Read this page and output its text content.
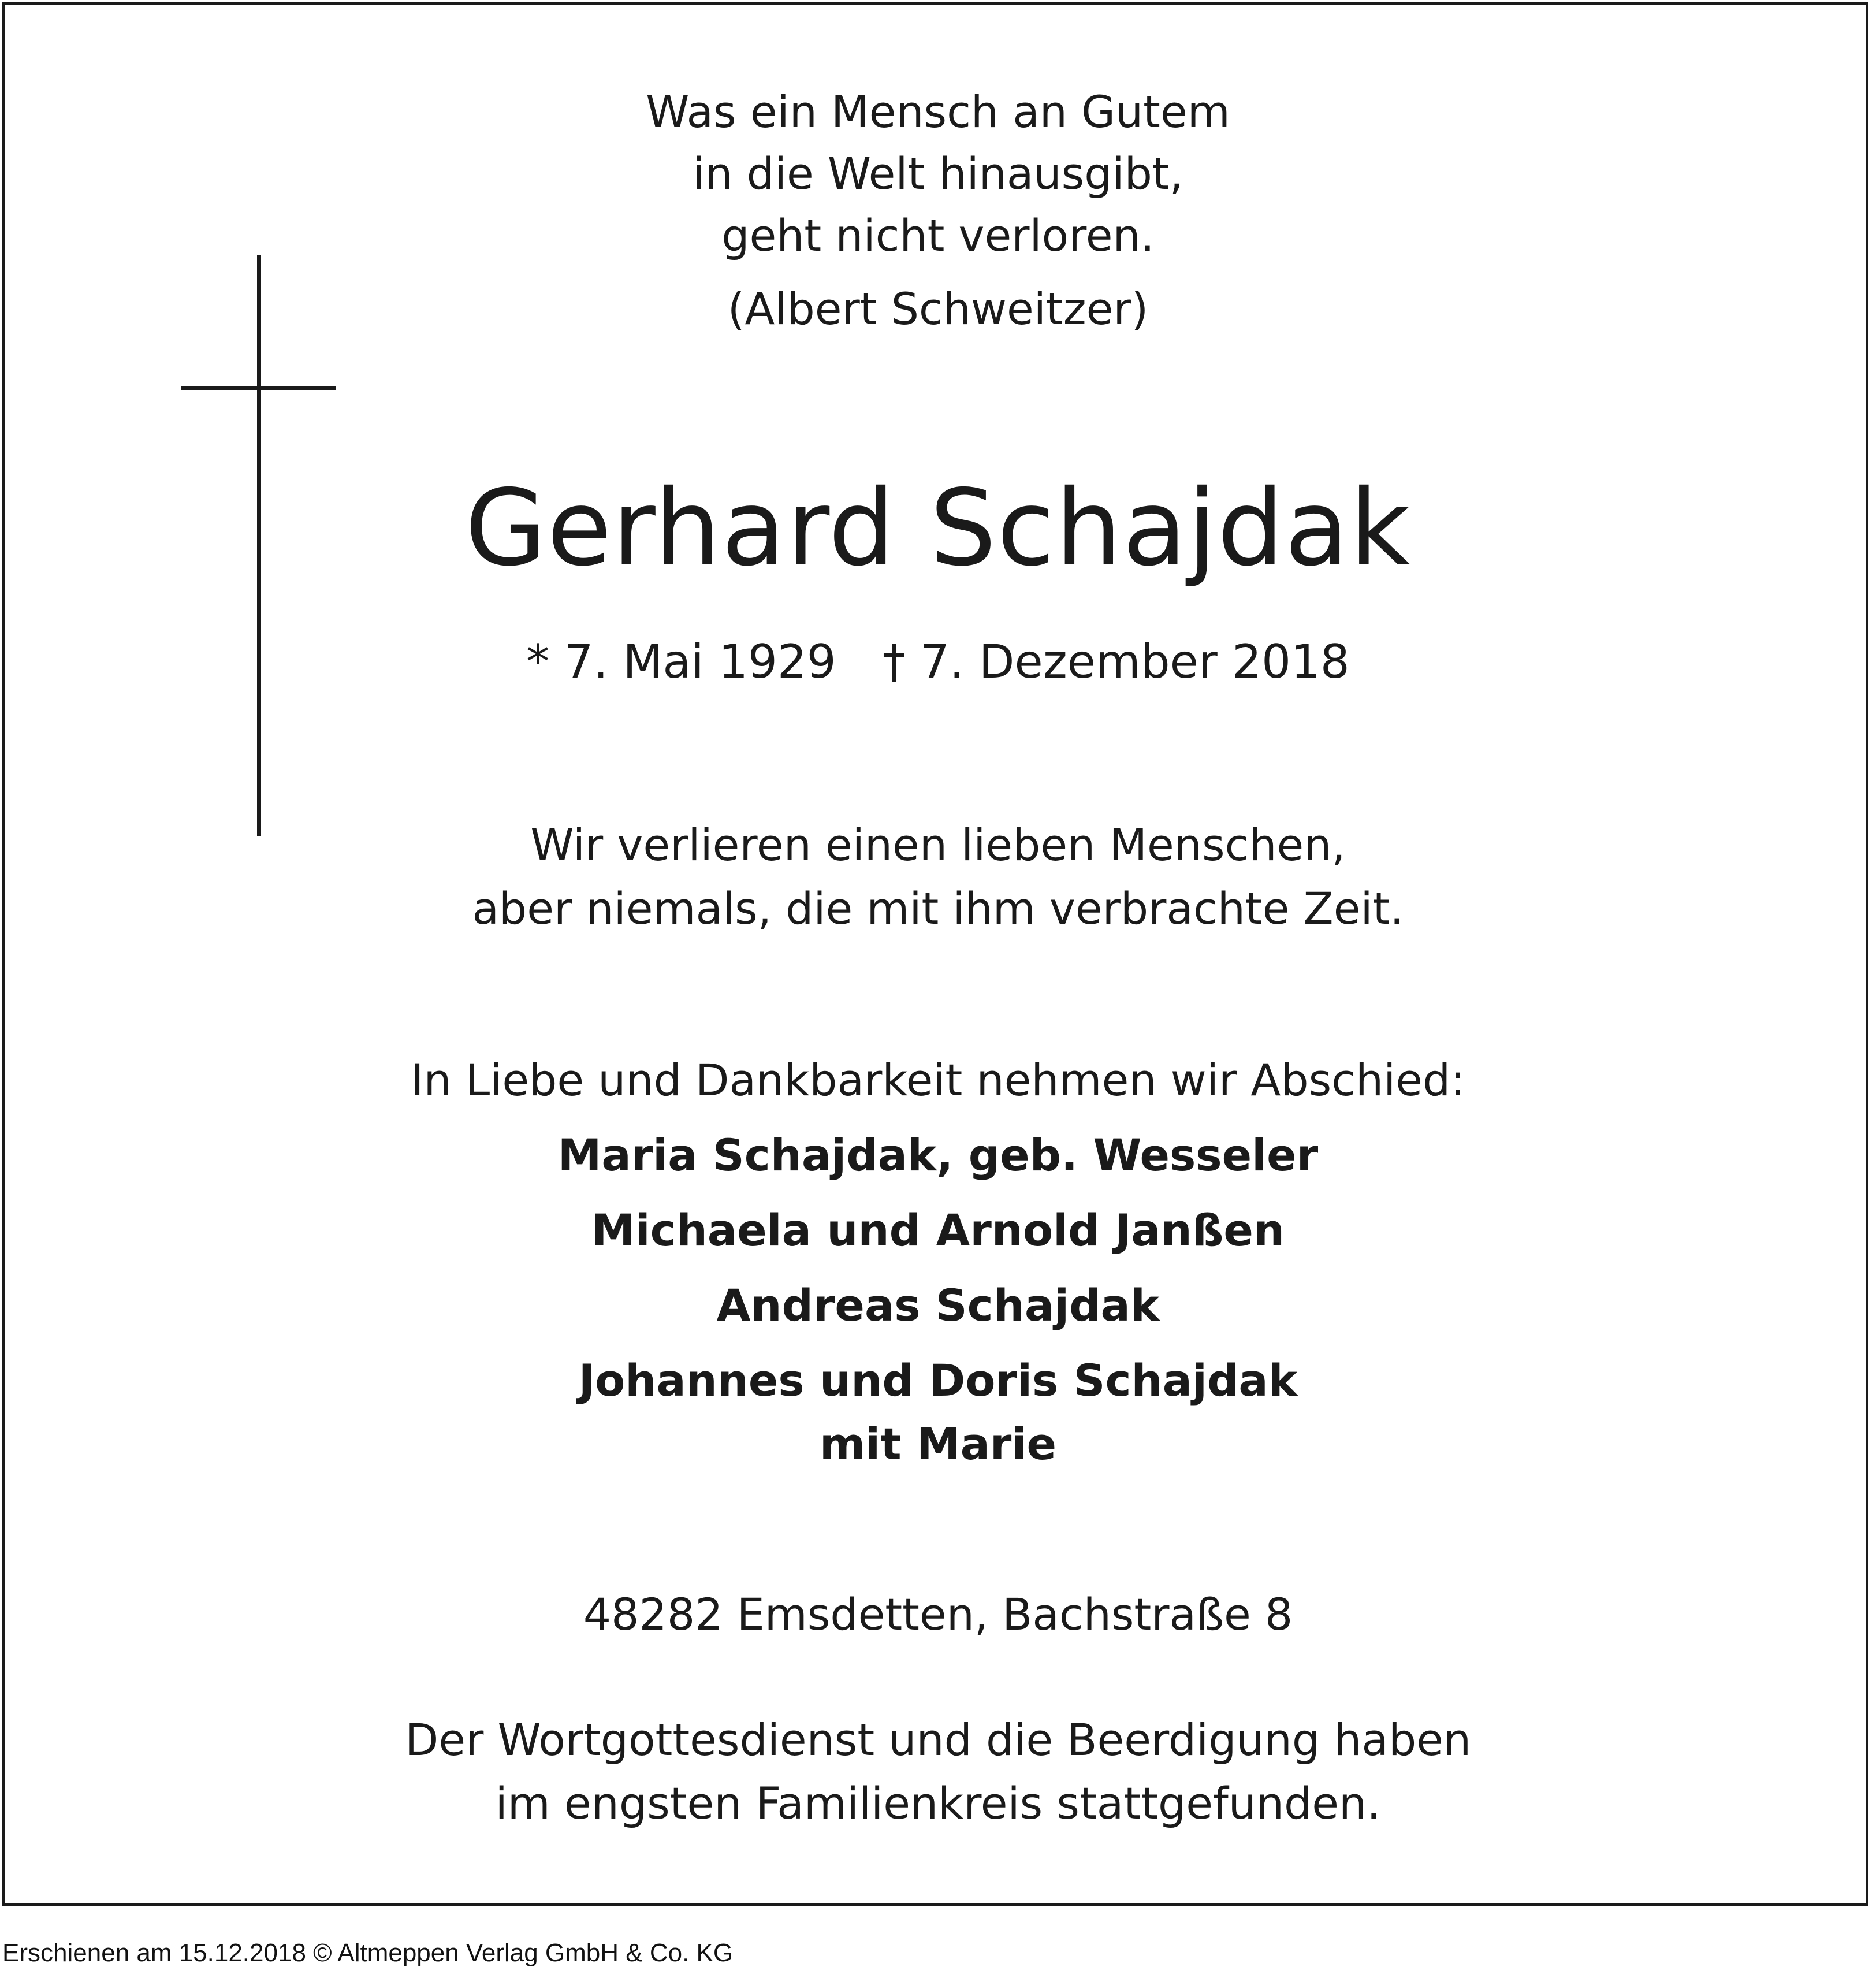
Was ein Mensch an Gutem
in die Welt hinausgibt,
geht nicht verloren.
(Albert Schweitzer)
Gerhard Schajdak
* 7. Mai 1929 † 7. Dezember 2018
Wir verlieren einen lieben Menschen,
aber niemals, die mit ihm verbrachte Zeit.
In Liebe und Dankbarkeit nehmen wir Abschied:
Maria Schajdak, geb. Wesseler
Michaela und Arnold Janßen
Andreas Schajdak
Johannes und Doris Schajdak
mit Marie
48282 Emsdetten, Bachstraße 8
Der Wortgottesdienst und die Beerdigung haben
im engsten Familienkreis stattgefunden.
Erschienen am 15.12.2018 © Altmeppen Verlag GmbH & Co. KG
